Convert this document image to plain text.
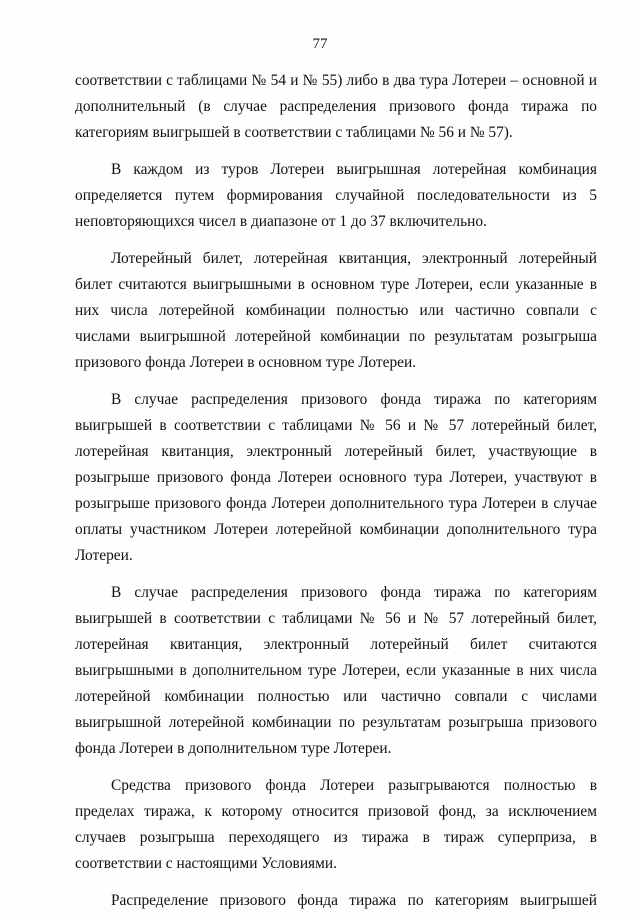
77

соответствии с таблицами № 54 и № 55) либо в два тура Лотереи – основной и дополнительный (в случае распределения призового фонда тиража по категориям выигрышей в соответствии с таблицами № 56 и № 57).

В каждом из туров Лотереи выигрышная лотерейная комбинация определяется путем формирования случайной последовательности из 5 неповторяющихся чисел в диапазоне от 1 до 37 включительно.

Лотерейный билет, лотерейная квитанция, электронный лотерейный билет считаются выигрышными в основном туре Лотереи, если указанные в них числа лотерейной комбинации полностью или частично совпали с числами выигрышной лотерейной комбинации по результатам розыгрыша призового фонда Лотереи в основном туре Лотереи.

В случае распределения призового фонда тиража по категориям выигрышей в соответствии с таблицами № 56 и № 57 лотерейный билет, лотерейная квитанция, электронный лотерейный билет, участвующие в розыгрыше призового фонда Лотереи основного тура Лотереи, участвуют в розыгрыше призового фонда Лотереи дополнительного тура Лотереи в случае оплаты участником Лотереи лотерейной комбинации дополнительного тура Лотереи.

В случае распределения призового фонда тиража по категориям выигрышей в соответствии с таблицами № 56 и № 57 лотерейный билет, лотерейная квитанция, электронный лотерейный билет считаются выигрышными в дополнительном туре Лотереи, если указанные в них числа лотерейной комбинации полностью или частично совпали с числами выигрышной лотерейной комбинации по результатам розыгрыша призового фонда Лотереи в дополнительном туре Лотереи.

Средства призового фонда Лотереи разыгрываются полностью в пределах тиража, к которому относится призовой фонд, за исключением случаев розыгрыша переходящего из тиража в тираж суперприза, в соответствии с настоящими Условиями.

Распределение призового фонда тиража по категориям выигрышей
